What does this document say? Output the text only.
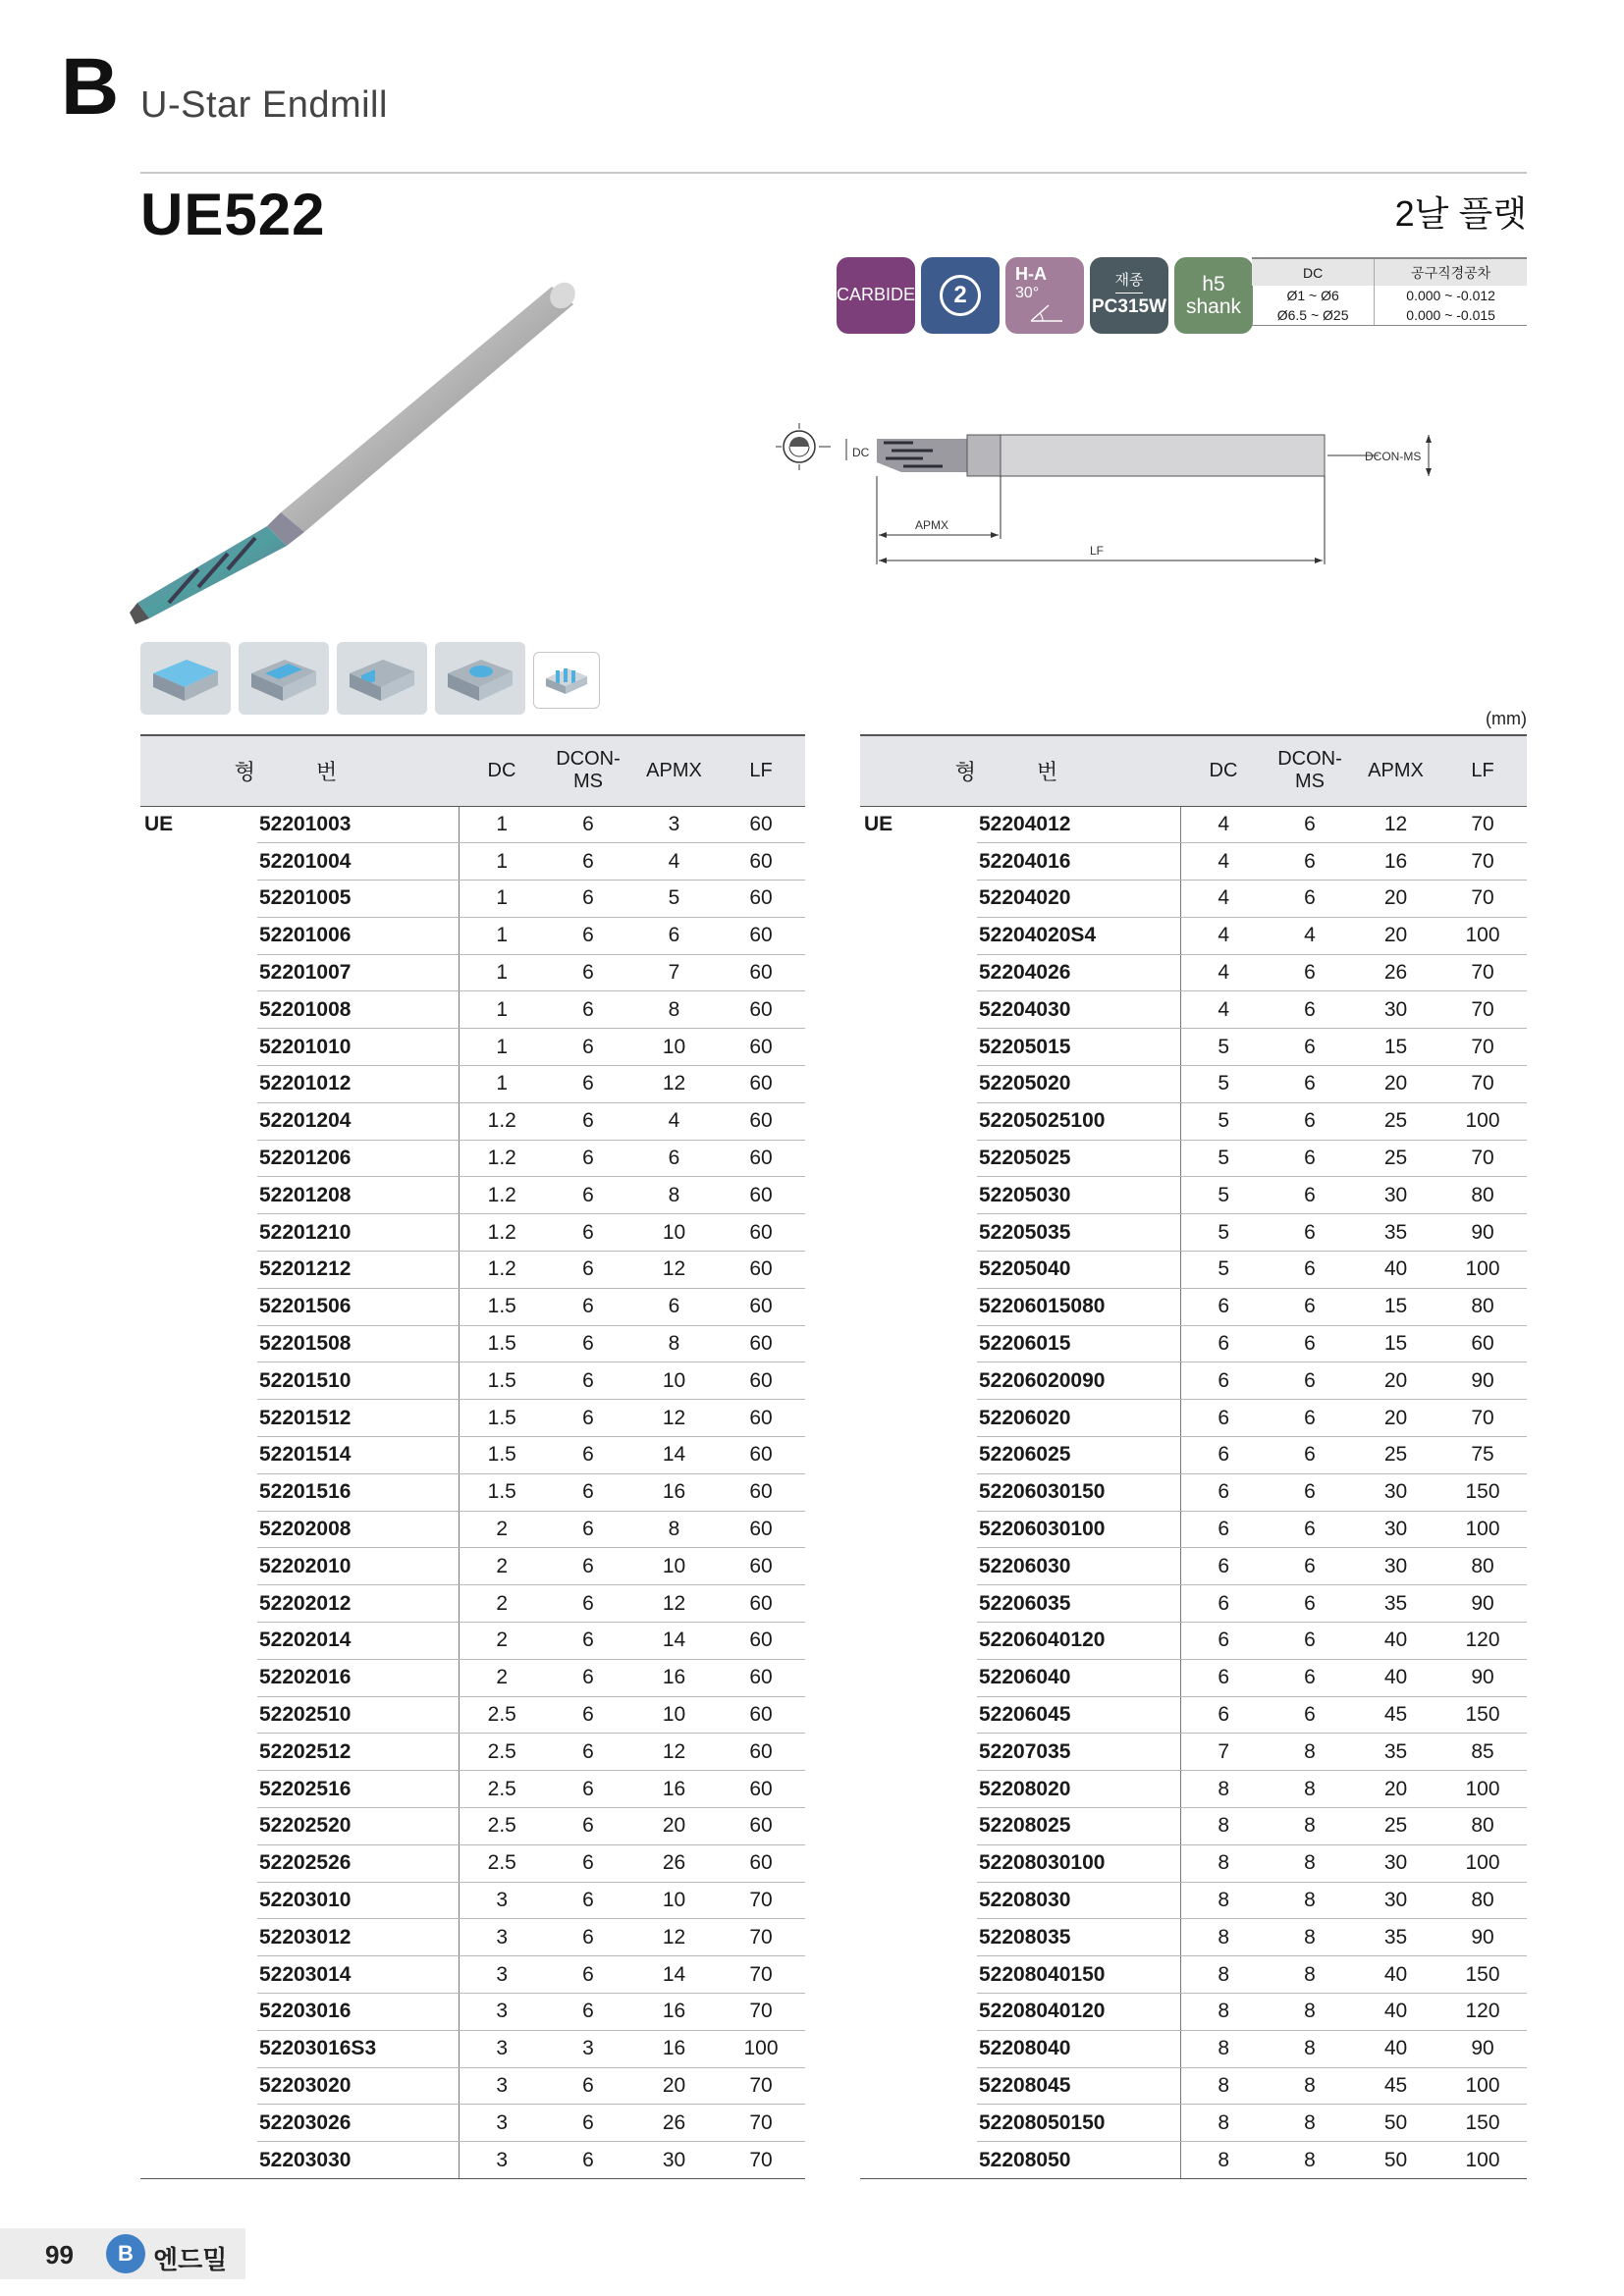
B U-Star Endmill
UE522	2날 플랫
CARBIDE 2
H-A
30°
재종
PC315W
h5
shank
DC	공구직경공차
Ø1 ~ Ø6	0.000 ~ -0.012
Ø6.5 ~ Ø25	0.000 ~ -0.015
DC
APMX
LF
DCON-MS
(mm)
형 번		DC	DCON-MS	APMX	LF
UE	52201003	1	6	3	60
	52201004	1	6	4	60
	52201005	1	6	5	60
	52201006	1	6	6	60
	52201007	1	6	7	60
	52201008	1	6	8	60
	52201010	1	6	10	60
	52201012	1	6	12	60
	52201204	1.2	6	4	60
	52201206	1.2	6	6	60
	52201208	1.2	6	8	60
	52201210	1.2	6	10	60
	52201212	1.2	6	12	60
	52201506	1.5	6	6	60
	52201508	1.5	6	8	60
	52201510	1.5	6	10	60
	52201512	1.5	6	12	60
	52201514	1.5	6	14	60
	52201516	1.5	6	16	60
	52202008	2	6	8	60
	52202010	2	6	10	60
	52202012	2	6	12	60
	52202014	2	6	14	60
	52202016	2	6	16	60
	52202510	2.5	6	10	60
	52202512	2.5	6	12	60
	52202516	2.5	6	16	60
	52202520	2.5	6	20	60
	52202526	2.5	6	26	60
	52203010	3	6	10	70
	52203012	3	6	12	70
	52203014	3	6	14	70
	52203016	3	6	16	70
	52203016S3	3	3	16	100
	52203020	3	6	20	70
	52203026	3	6	26	70
	52203030	3	6	30	70
형 번		DC	DCON-MS	APMX	LF
UE	52204012	4	6	12	70
	52204016	4	6	16	70
	52204020	4	6	20	70
	52204020S4	4	4	20	100
	52204026	4	6	26	70
	52204030	4	6	30	70
	52205015	5	6	15	70
	52205020	5	6	20	70
	52205025100	5	6	25	100
	52205025	5	6	25	70
	52205030	5	6	30	80
	52205035	5	6	35	90
	52205040	5	6	40	100
	52206015080	6	6	15	80
	52206015	6	6	15	60
	52206020090	6	6	20	90
	52206020	6	6	20	70
	52206025	6	6	25	75
	52206030150	6	6	30	150
	52206030100	6	6	30	100
	52206030	6	6	30	80
	52206035	6	6	35	90
	52206040120	6	6	40	120
	52206040	6	6	40	90
	52206045	6	6	45	150
	52207035	7	8	35	85
	52208020	8	8	20	100
	52208025	8	8	25	80
	52208030100	8	8	30	100
	52208030	8	8	30	80
	52208035	8	8	35	90
	52208040150	8	8	40	150
	52208040120	8	8	40	120
	52208040	8	8	40	90
	52208045	8	8	45	100
	52208050150	8	8	50	150
	52208050	8	8	50	100
99	B 엔드밀
